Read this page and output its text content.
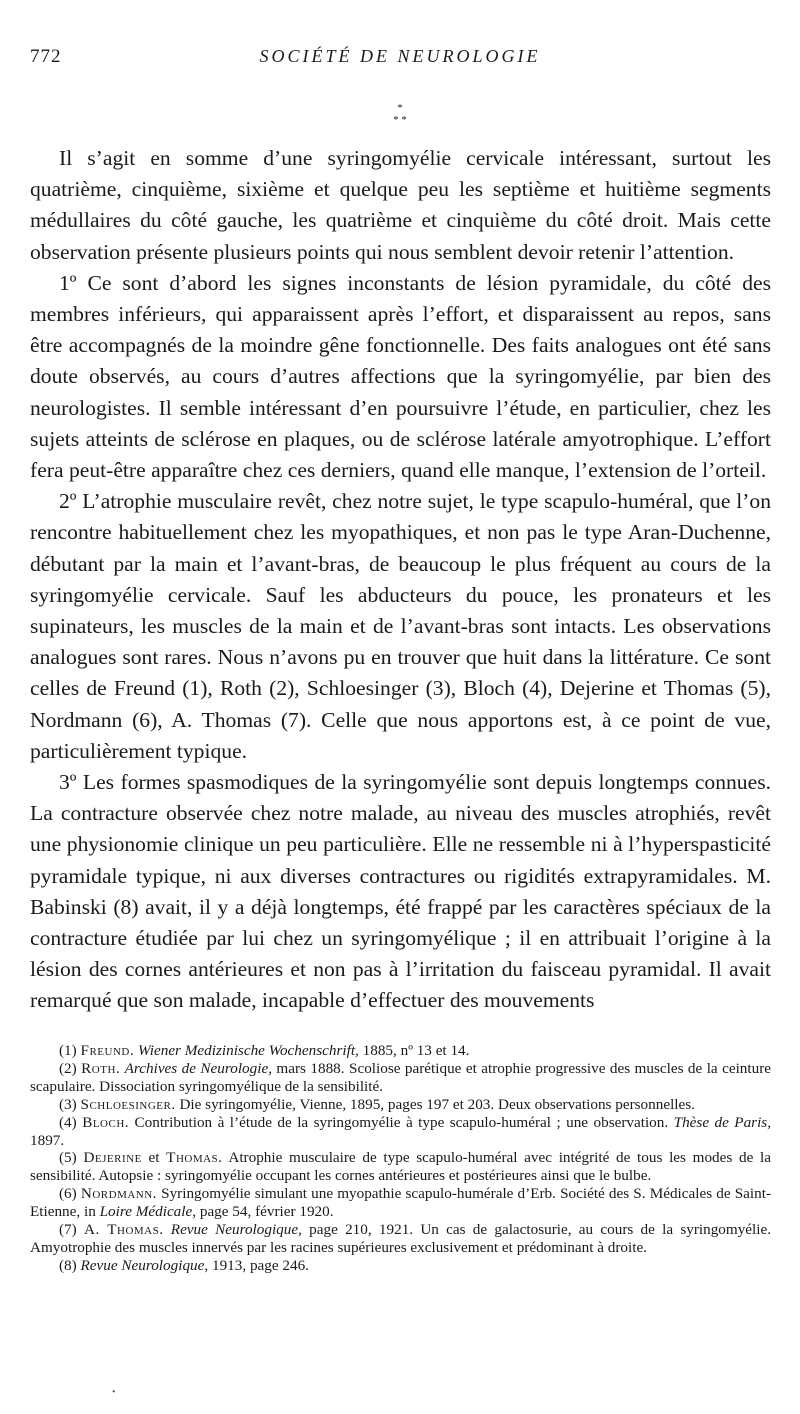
772	SOCIÉTÉ DE NEUROLOGIE
*
* *

Il s’agit en somme d’une syringomyélie cervicale intéressant, surtout les quatrième, cinquième, sixième et quelque peu les septième et huitième segments médullaires du côté gauche, les quatrième et cinquième du côté droit. Mais cette observation présente plusieurs points qui nous semblent devoir retenir l’attention.

1º Ce sont d’abord les signes inconstants de lésion pyramidale, du côté des membres inférieurs, qui apparaissent après l’effort, et disparaissent au repos, sans être accompagnés de la moindre gêne fonctionnelle. Des faits analogues ont été sans doute observés, au cours d’autres affections que la syringomyélie, par bien des neurologistes. Il semble intéressant d’en poursuivre l’étude, en particulier, chez les sujets atteints de sclérose en plaques, ou de sclérose latérale amyotrophique. L’effort fera peut-être apparaître chez ces derniers, quand elle manque, l’extension de l’orteil.

2º L’atrophie musculaire revêt, chez notre sujet, le type scapulo-huméral, que l’on rencontre habituellement chez les myopathiques, et non pas le type Aran-Duchenne, débutant par la main et l’avant-bras, de beaucoup le plus fréquent au cours de la syringomyélie cervicale. Sauf les abducteurs du pouce, les pronateurs et les supinateurs, les muscles de la main et de l’avant-bras sont intacts. Les observations analogues sont rares. Nous n’avons pu en trouver que huit dans la littérature. Ce sont celles de Freund (1), Roth (2), Schloesinger (3), Bloch (4), Dejerine et Thomas (5), Nordmann (6), A. Thomas (7). Celle que nous apportons est, à ce point de vue, particulièrement typique.

3º Les formes spasmodiques de la syringomyélie sont depuis longtemps connues. La contracture observée chez notre malade, au niveau des muscles atrophiés, revêt une physionomie clinique un peu particulière. Elle ne ressemble ni à l’hyperspasticité pyramidale typique, ni aux diverses contractures ou rigidités extrapyramidales. M. Babinski (8) avait, il y a déjà longtemps, été frappé par les caractères spéciaux de la contracture étudiée par lui chez un syringomyélique ; il en attribuait l’origine à la lésion des cornes antérieures et non pas à l’irritation du faisceau pyramidal. Il avait remarqué que son malade, incapable d’effectuer des mouvements

(1) Freund. Wiener Medizinische Wochenschrift, 1885, nº 13 et 14.

(2) Roth. Archives de Neurologie, mars 1888. Scoliose parétique et atrophie progressive des muscles de la ceinture scapulaire. Dissociation syringomyélique de la sensibilité.

(3) Schloesinger. Die syringomyélie, Vienne, 1895, pages 197 et 203. Deux observations personnelles.

(4) Bloch. Contribution à l’étude de la syringomyélie à type scapulo-huméral ; une observation. Thèse de Paris, 1897.

(5) Dejerine et Thomas. Atrophie musculaire de type scapulo-huméral avec intégrité de tous les modes de la sensibilité. Autopsie : syringomyélie occupant les cornes antérieures et postérieures ainsi que le bulbe.

(6) Nordmann. Syringomyélie simulant une myopathie scapulo-humérale d’Erb. Société des S. Médicales de Saint-Etienne, in Loire Médicale, page 54, février 1920.

(7) A. Thomas. Revue Neurologique, page 210, 1921. Un cas de galactosurie, au cours de la syringomyélie. Amyotrophie des muscles innervés par les racines supérieures exclusivement et prédominant à droite.

(8) Revue Neurologique, 1913, page 246.

•
